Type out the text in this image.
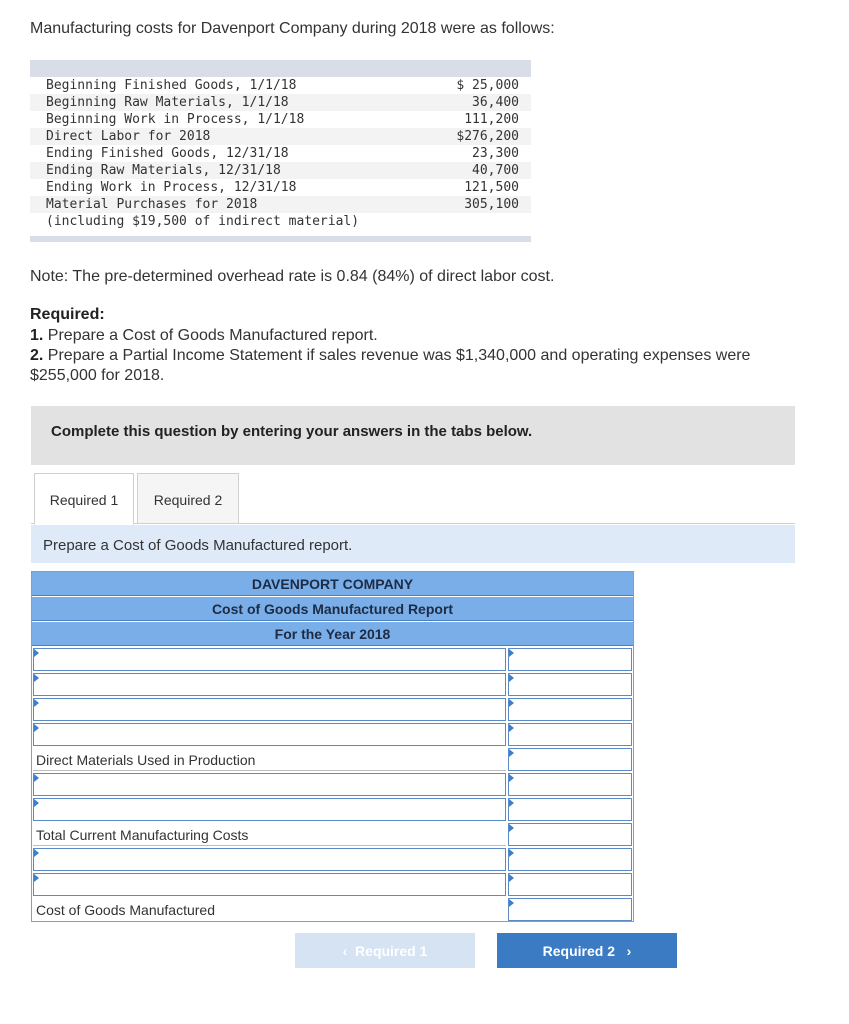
Manufacturing costs for Davenport Company during 2018 were as follows:
Beginning Finished Goods, 1/1/18	$ 25,000
Beginning Raw Materials, 1/1/18	36,400
Beginning Work in Process, 1/1/18	111,200
Direct Labor for 2018	$276,200
Ending Finished Goods, 12/31/18	23,300
Ending Raw Materials, 12/31/18	40,700
Ending Work in Process, 12/31/18	121,500
Material Purchases for 2018	305,100
(including $19,500 of indirect material)
Note: The pre-determined overhead rate is 0.84 (84%) of direct labor cost.
Required:
1. Prepare a Cost of Goods Manufactured report.
2. Prepare a Partial Income Statement if sales revenue was $1,340,000 and operating expenses were $255,000 for 2018.
Complete this question by entering your answers in the tabs below.
Required 1	Required 2
Prepare a Cost of Goods Manufactured report.
DAVENPORT COMPANY
Cost of Goods Manufactured Report
For the Year 2018
Direct Materials Used in Production
Total Current Manufacturing Costs
Cost of Goods Manufactured
‹ Required 1	Required 2 ›
